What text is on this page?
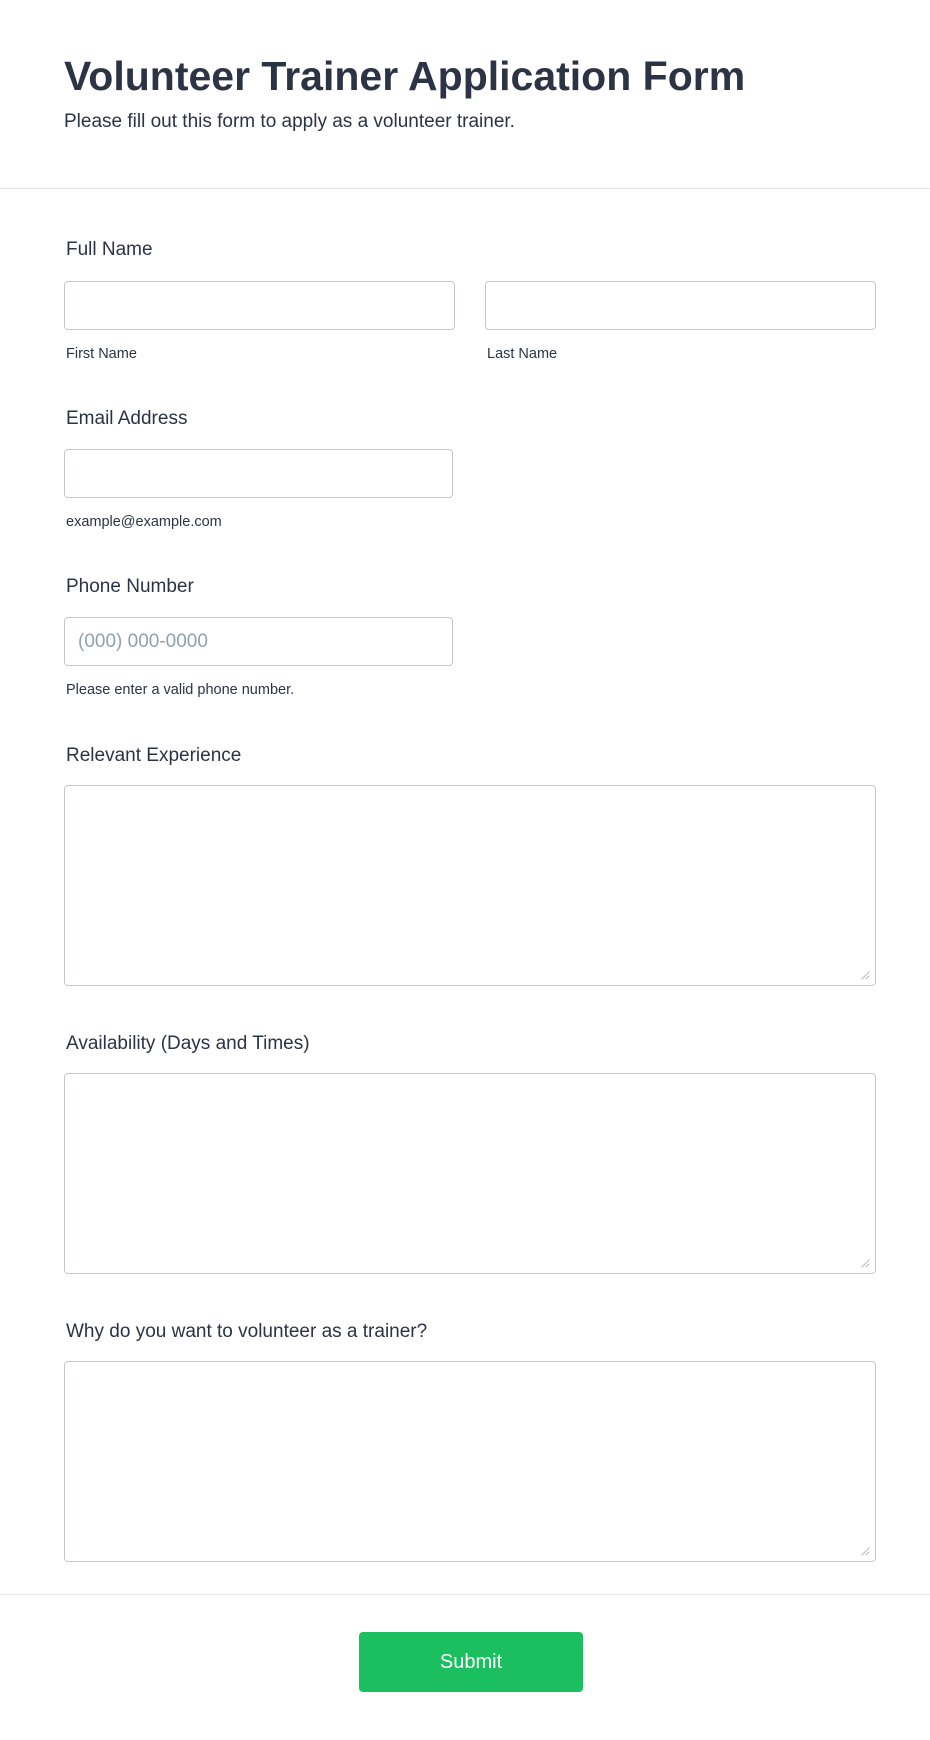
Volunteer Trainer Application Form

Please fill out this form to apply as a volunteer trainer.

Full Name
First Name	Last Name
Email Address
example@example.com
Phone Number
(000) 000-0000
Please enter a valid phone number.
Relevant Experience
Availability (Days and Times)
Why do you want to volunteer as a trainer?
Submit
